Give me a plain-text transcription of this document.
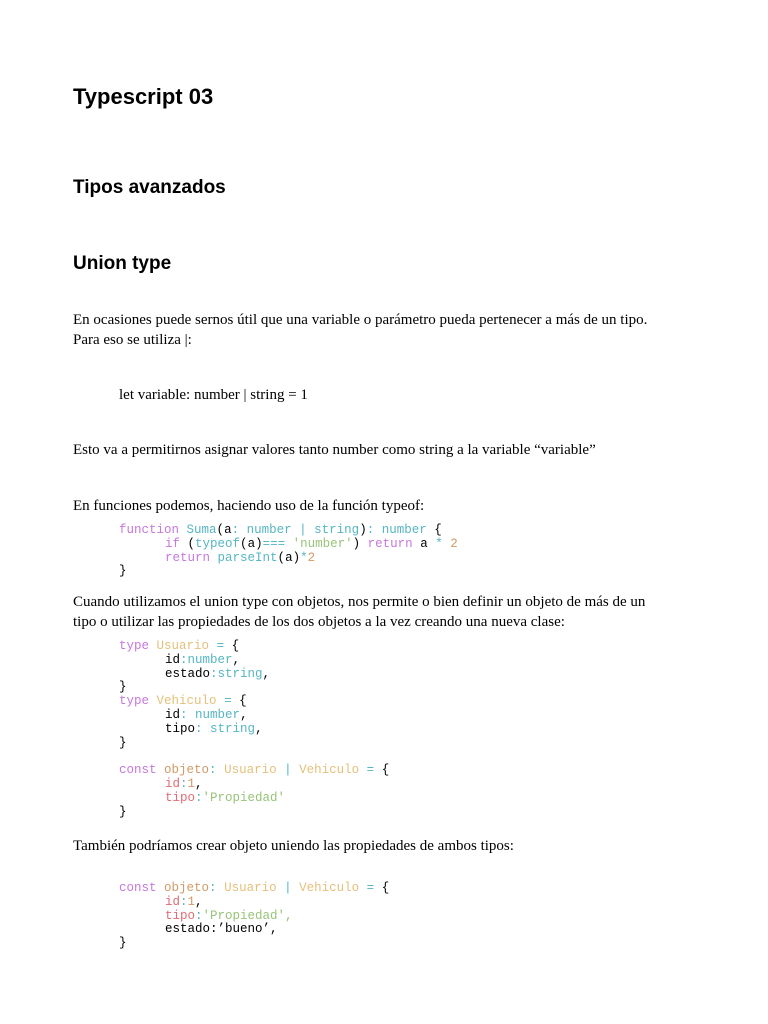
Typescript 03
Tipos avanzados
Union type
En ocasiones puede sernos útil que una variable o parámetro pueda pertenecer a más de un tipo.
Para eso se utiliza |:
let variable: number | string = 1
Esto va a permitirnos asignar valores tanto number como string a la variable “variable”
En funciones podemos, haciendo uso de la función typeof:
function Suma(a: number | string): number {
if (typeof(a)=== 'number') return a * 2
return parseInt(a)*2
}
Cuando utilizamos el union type con objetos, nos permite o bien definir un objeto de más de un
tipo o utilizar las propiedades de los dos objetos a la vez creando una nueva clase:
type Usuario = {
id:number,
estado:string,
}
type Vehiculo = {
id: number,
tipo: string,
}
const objeto: Usuario | Vehiculo = {
id:1,
tipo:'Propiedad'
}
También podríamos crear objeto uniendo las propiedades de ambos tipos:
const objeto: Usuario | Vehiculo = {
id:1,
tipo:'Propiedad',
estado:’bueno’,
}
